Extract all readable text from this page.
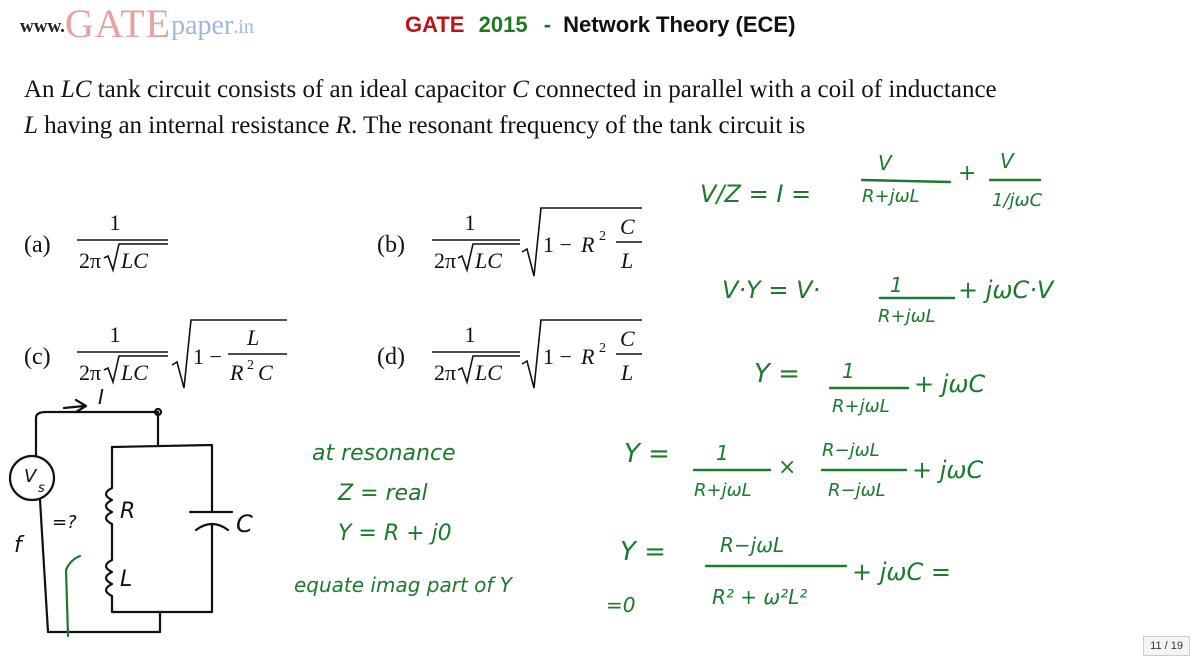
www. GATE paper .in	GATE 2015 - Network Theory (ECE)
An LC tank circuit consists of an ideal capacitor C connected in parallel with a coil of inductance L having an internal resistance R. The resonant frequency of the tank circuit is
(a)	(b)
(c)	(d)
1
2π LC
1
2π LC
1 − R 2 C
L
1
2π LC
1 −
L
R 2 C
1
2π LC
1 − R 2 C
L
I
V
s
R
L
C
f
=?
V/Z = I =
V
R+jωL
+ V
1/jωC
V·Y = V·	1
R+jωL
+ jωC·V
Y = 1
R+jωL
+ jωC
Y = 1
R+jωL
×
R−jωL
R−jωL
+ jωC
Y =	R−jωL
R² + ω²L²
+ jωC =
=0
at resonance
Z = real
Y = R + j0
equate imag part of Y
11 / 19
